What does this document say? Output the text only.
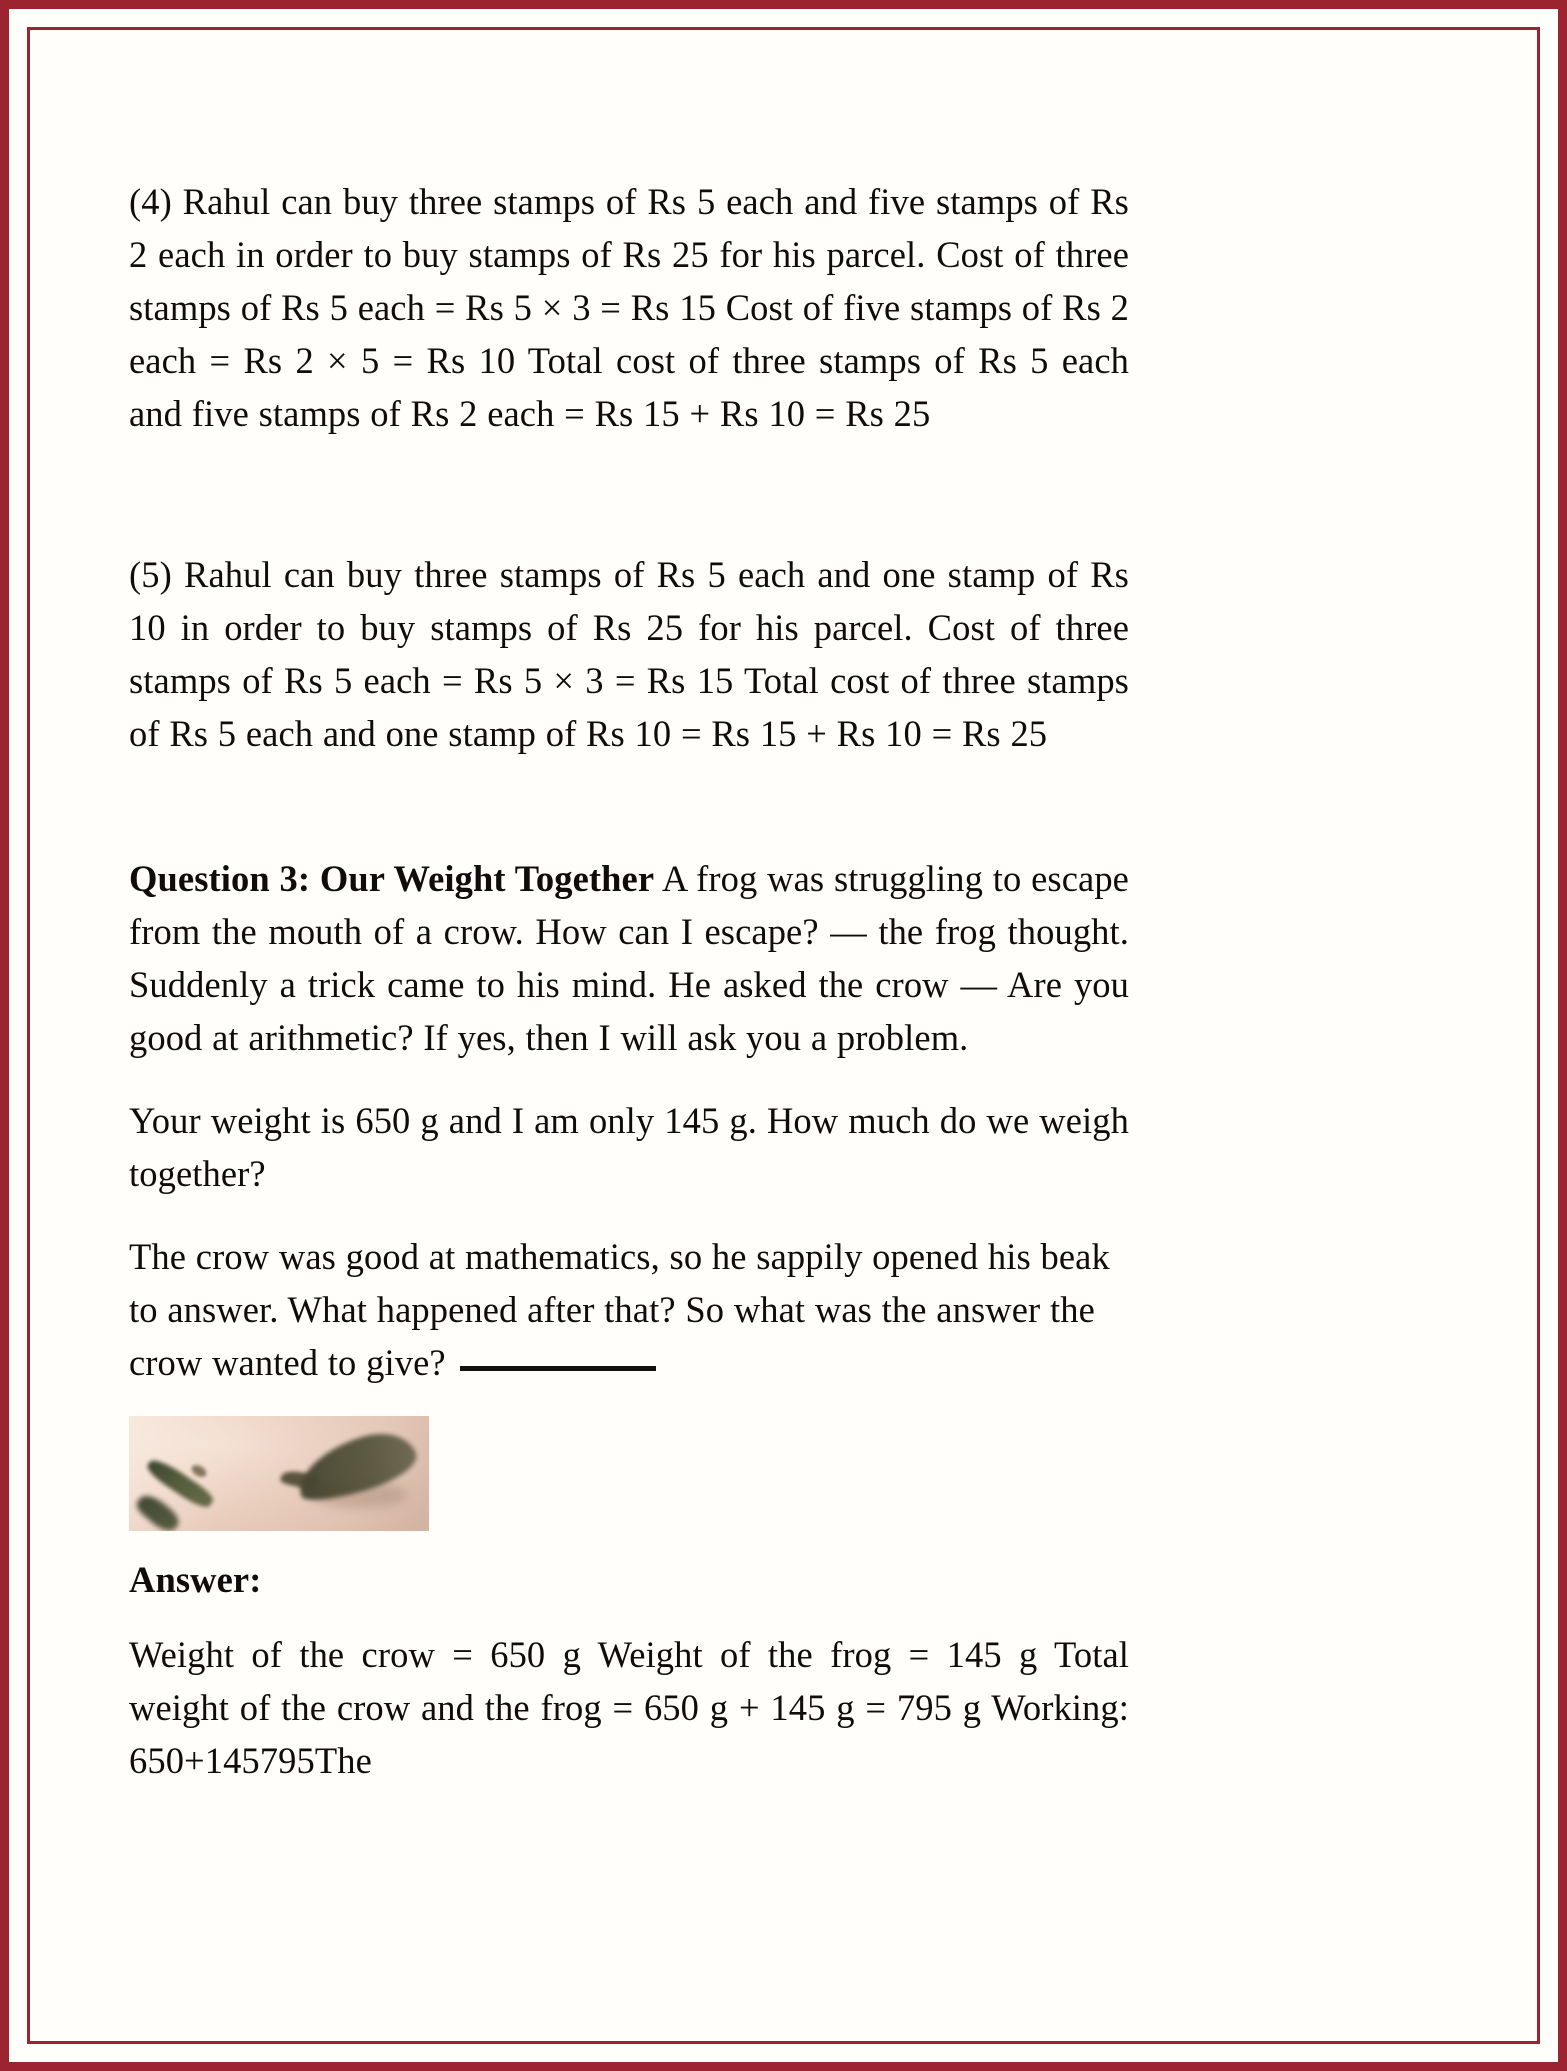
(4) Rahul can buy three stamps of Rs 5 each and five stamps of Rs 2 each in order to buy stamps of Rs 25 for his parcel. Cost of three stamps of Rs 5 each = Rs 5 × 3 = Rs 15 Cost of five stamps of Rs 2 each = Rs 2 × 5 = Rs 10 Total cost of three stamps of Rs 5 each and five stamps of Rs 2 each = Rs 15 + Rs 10 = Rs 25

(5) Rahul can buy three stamps of Rs 5 each and one stamp of Rs 10 in order to buy stamps of Rs 25 for his parcel. Cost of three stamps of Rs 5 each = Rs 5 × 3 = Rs 15 Total cost of three stamps of Rs 5 each and one stamp of Rs 10 = Rs 15 + Rs 10 = Rs 25

Question 3: Our Weight Together A frog was struggling to escape from the mouth of a crow. How can I escape? — the frog thought. Suddenly a trick came to his mind. He asked the crow — Are you good at arithmetic? If yes, then I will ask you a problem.

Your weight is 650 g and I am only 145 g. How much do we weigh together?

The crow was good at mathematics, so he sappily opened his beak to answer. What happened after that? So what was the answer the crow wanted to give?

Answer:

Weight of the crow = 650 g Weight of the frog = 145 g Total weight of the crow and the frog = 650 g + 145 g = 795 g Working: 650+145795The
